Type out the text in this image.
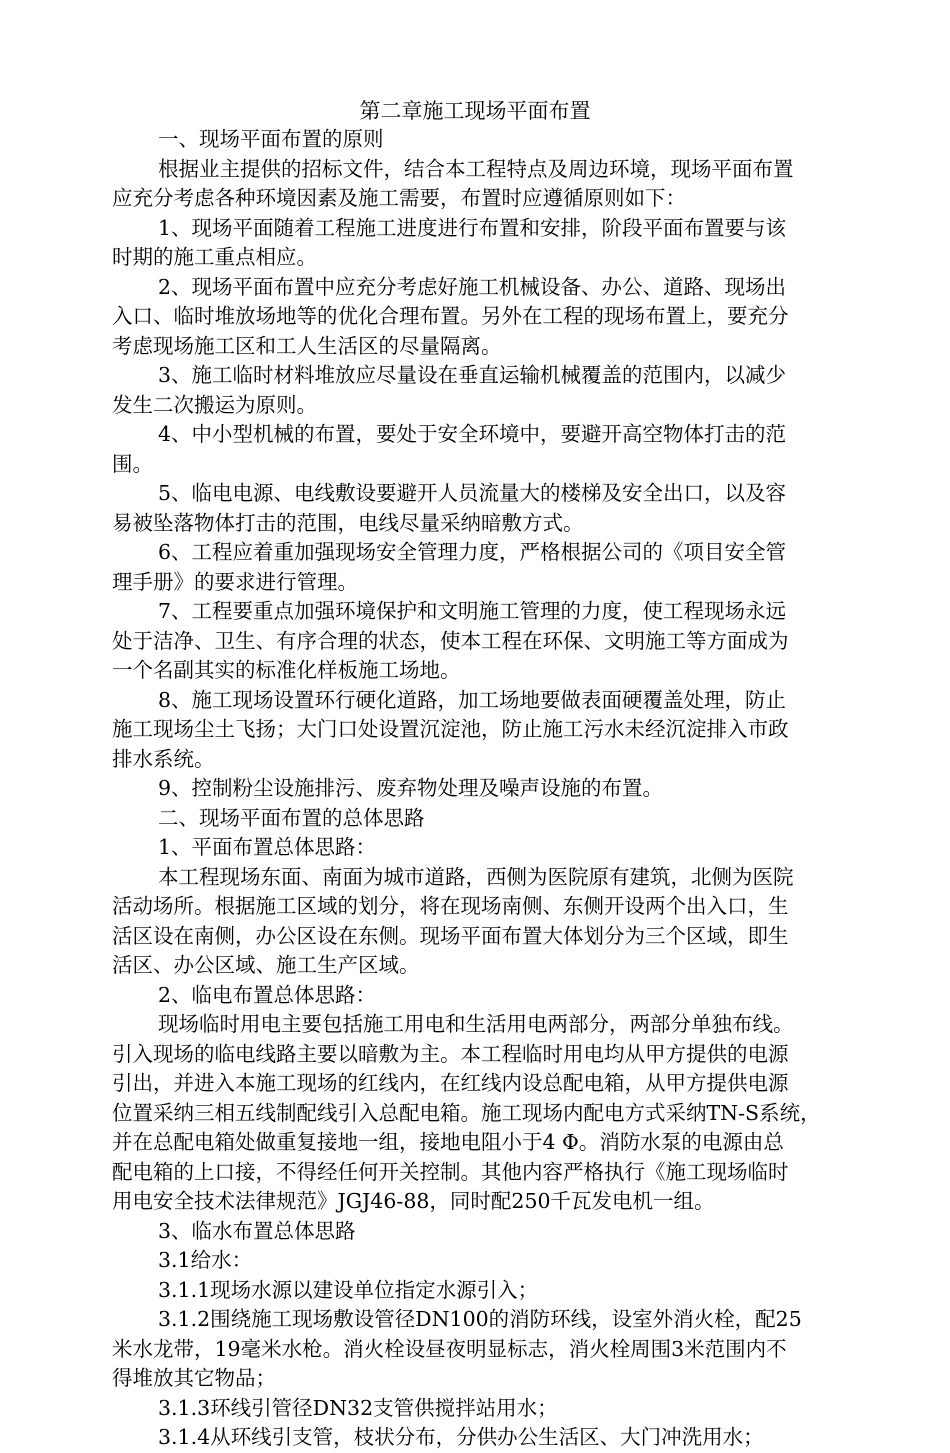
第二章施工现场平面布置
一、现场平面布置的原则
根据业主提供的招标文件，结合本工程特点及周边环境，现场平面布置
应充分考虑各种环境因素及施工需要，布置时应遵循原则如下：
1、现场平面随着工程施工进度进行布置和安排，阶段平面布置要与该
时期的施工重点相应。
2、现场平面布置中应充分考虑好施工机械设备、办公、道路、现场出
入口、临时堆放场地等的优化合理布置。另外在工程的现场布置上，要充分
考虑现场施工区和工人生活区的尽量隔离。
3、施工临时材料堆放应尽量设在垂直运输机械覆盖的范围内，以减少
发生二次搬运为原则。
4、中小型机械的布置，要处于安全环境中，要避开高空物体打击的范
围。
5、临电电源、电线敷设要避开人员流量大的楼梯及安全出口，以及容
易被坠落物体打击的范围，电线尽量采纳暗敷方式。
6、工程应着重加强现场安全管理力度，严格根据公司的《项目安全管
理手册》的要求进行管理。
7、工程要重点加强环境保护和文明施工管理的力度，使工程现场永远
处于洁净、卫生、有序合理的状态，使本工程在环保、文明施工等方面成为
一个名副其实的标准化样板施工场地。
8、施工现场设置环行硬化道路，加工场地要做表面硬覆盖处理，防止
施工现场尘土飞扬；大门口处设置沉淀池，防止施工污水未经沉淀排入市政
排水系统。
9、控制粉尘设施排污、废弃物处理及噪声设施的布置。
二、现场平面布置的总体思路
1、平面布置总体思路：
本工程现场东面、南面为城市道路，西侧为医院原有建筑，北侧为医院
活动场所。根据施工区域的划分，将在现场南侧、东侧开设两个出入口，生
活区设在南侧，办公区设在东侧。现场平面布置大体划分为三个区域，即生
活区、办公区域、施工生产区域。
2、临电布置总体思路：
现场临时用电主要包括施工用电和生活用电两部分，两部分单独布线。
引入现场的临电线路主要以暗敷为主。本工程临时用电均从甲方提供的电源
引出，并进入本施工现场的红线内，在红线内设总配电箱，从甲方提供电源
位置采纳三相五线制配线引入总配电箱。施工现场内配电方式采纳TN-S系统，
并在总配电箱处做重复接地一组，接地电阻小于4 Φ。消防水泵的电源由总
配电箱的上口接，不得经任何开关控制。其他内容严格执行《施工现场临时
用电安全技术法律规范》JGJ46-88，同时配250千瓦发电机一组。
3、临水布置总体思路
3.1给水：
3.1.1现场水源以建设单位指定水源引入；
3.1.2围绕施工现场敷设管径DN100的消防环线，设室外消火栓，配25
米水龙带，19毫米水枪。消火栓设昼夜明显标志，消火栓周围3米范围内不
得堆放其它物品；
3.1.3环线引管径DN32支管供搅拌站用水；
3.1.4从环线引支管，枝状分布，分供办公生活区、大门冲洗用水；
